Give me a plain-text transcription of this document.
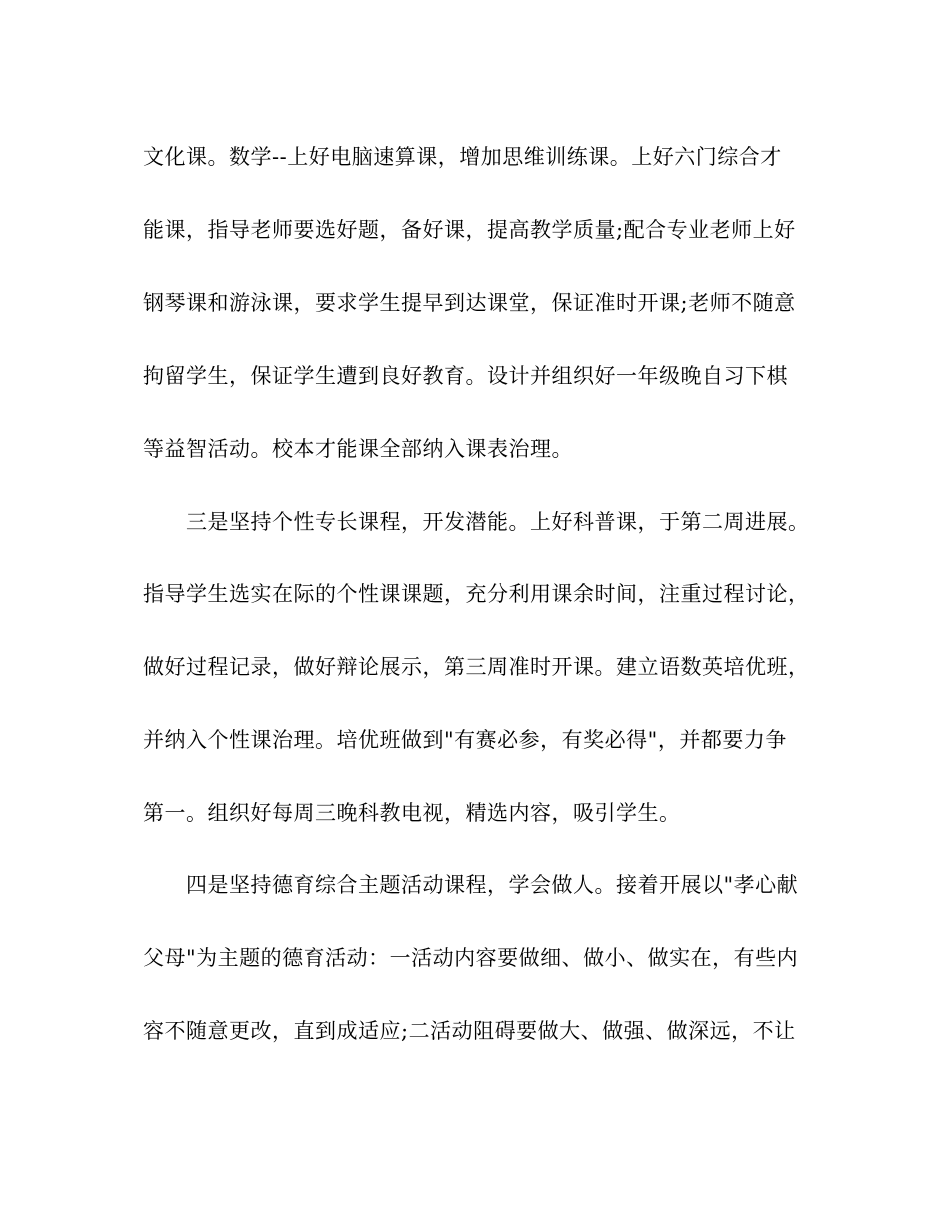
文化课。数学--上好电脑速算课，增加思维训练课。上好六门综合才
能课，指导老师要选好题，备好课，提高教学质量;配合专业老师上好
钢琴课和游泳课，要求学生提早到达课堂，保证准时开课;老师不随意
拘留学生，保证学生遭到良好教育。设计并组织好一年级晚自习下棋
等益智活动。校本才能课全部纳入课表治理。
三是坚持个性专长课程，开发潜能。上好科普课，于第二周进展。
指导学生选实在际的个性课课题，充分利用课余时间，注重过程讨论，
做好过程记录，做好辩论展示，第三周准时开课。建立语数英培优班，
并纳入个性课治理。培优班做到"有赛必参，有奖必得"，并都要力争
第一。组织好每周三晚科教电视，精选内容，吸引学生。
四是坚持德育综合主题活动课程，学会做人。接着开展以"孝心献
父母"为主题的德育活动：一活动内容要做细、做小、做实在，有些内
容不随意更改，直到成适应;二活动阻碍要做大、做强、做深远，不让
